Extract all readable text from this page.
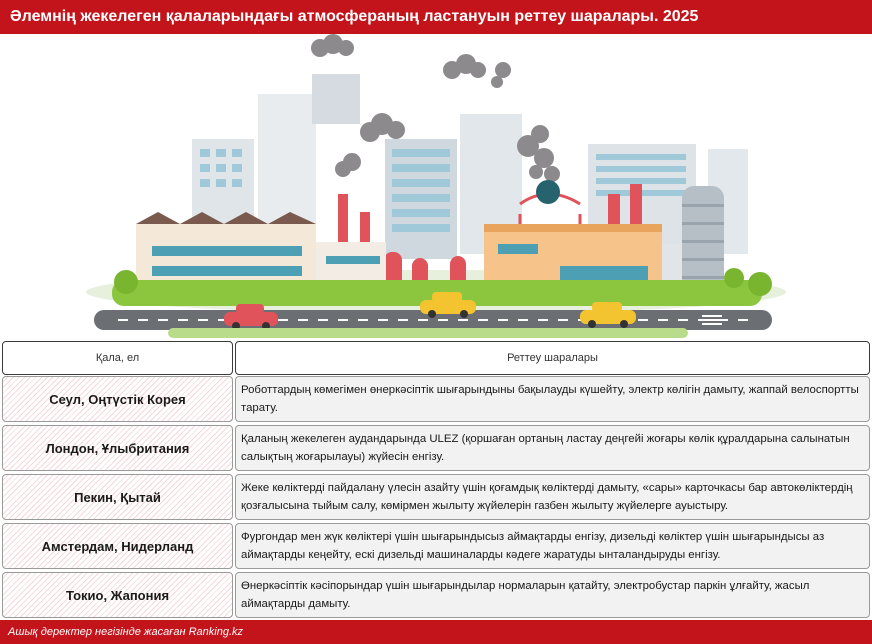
Әлемнің жекелеген қалаларындағы атмосфераның ластануын реттеу шаралары. 2025
Қала, ел	Реттеу шаралары
Сеул, Оңтүстік Корея
Роботтардың көмегімен өнеркәсіптік шығарындыны бақылауды күшейту, электр көлігін дамыту, жаппай велоспортты тарату.
Лондон, Ұлыбритания
Қаланың жекелеген аудандарында ULEZ (қоршаған ортаның ластау деңгейі жоғары көлік құралдарына салынатын салықтың жоғарылауы) жүйесін енгізу.
Пекин, Қытай
Жеке көліктерді пайдалану үлесін азайту үшін қоғамдық көліктерді дамыту, «сары» карточкасы бар автокөліктердің қозғалысына тыйым салу, көмірмен жылыту жүйелерін газбен жылыту жүйелерге ауыстыру.
Амстердам, Нидерланд
Фургондар мен жүк көліктері үшін шығарындысыз аймақтарды енгізу, дизельді көліктер үшін шығарындысы аз аймақтарды кеңейту, ескі дизельді машиналарды кәдеге жаратуды ынталандыруды енгізу.
Токио, Жапония
Өнеркәсіптік кәсіпорындар үшін шығарындылар нормаларын қатайту, электробустар паркін ұлғайту, жасыл аймақтарды дамыту.
Ашық деректер негізінде жасаған Ranking.kz
